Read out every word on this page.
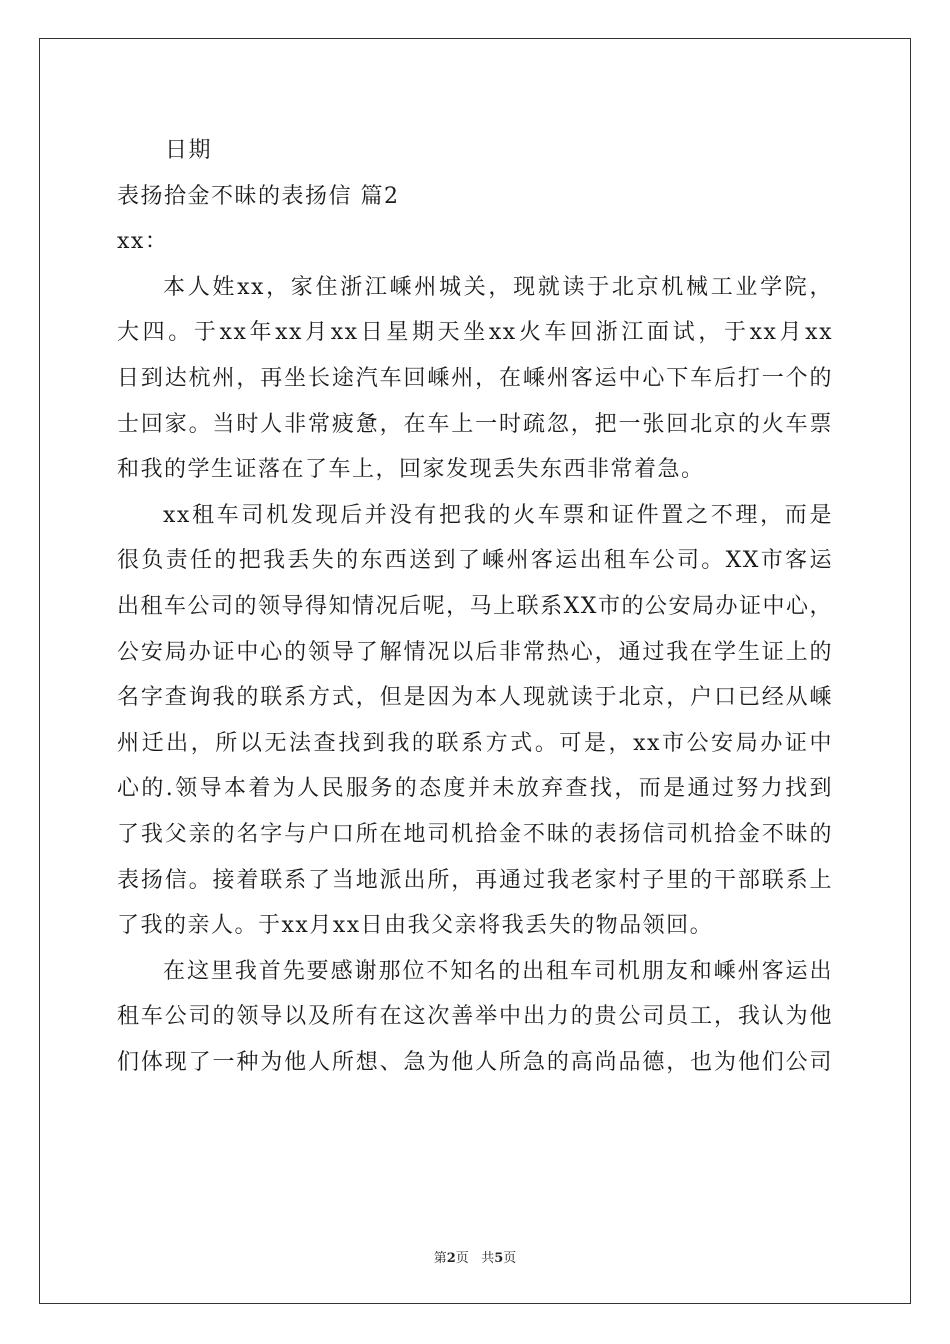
日期

表扬拾金不昧的表扬信 篇2

xx：

本人姓xx，家住浙江嵊州城关，现就读于北京机械工业学院，

大四。于xx年xx月xx日星期天坐xx火车回浙江面试，于xx月xx

日到达杭州，再坐长途汽车回嵊州，在嵊州客运中心下车后打一个的

士回家。当时人非常疲惫，在车上一时疏忽，把一张回北京的火车票

和我的学生证落在了车上，回家发现丢失东西非常着急。

xx租车司机发现后并没有把我的火车票和证件置之不理，而是

很负责任的把我丢失的东西送到了嵊州客运出租车公司。XX市客运

出租车公司的领导得知情况后呢，马上联系XX市的公安局办证中心，

公安局办证中心的领导了解情况以后非常热心，通过我在学生证上的

名字查询我的联系方式，但是因为本人现就读于北京，户口已经从嵊

州迁出，所以无法查找到我的联系方式。可是，xx市公安局办证中

心的.领导本着为人民服务的态度并未放弃查找，而是通过努力找到

了我父亲的名字与户口所在地司机拾金不昧的表扬信司机拾金不昧的

表扬信。接着联系了当地派出所，再通过我老家村子里的干部联系上

了我的亲人。于xx月xx日由我父亲将我丢失的物品领回。

在这里我首先要感谢那位不知名的出租车司机朋友和嵊州客运出

租车公司的领导以及所有在这次善举中出力的贵公司员工，我认为他

们体现了一种为他人所想、急为他人所急的高尚品德，也为他们公司

第2页 共5页
